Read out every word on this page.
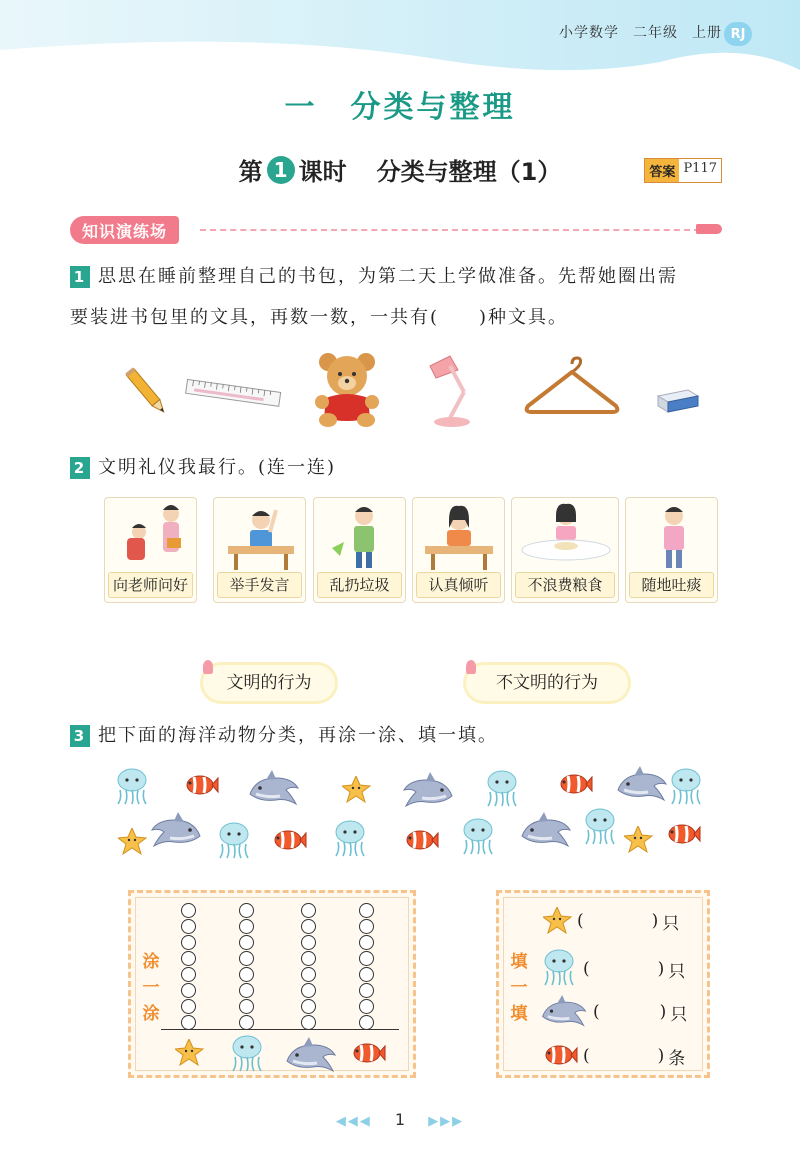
小学数学 二年级 上册 RJ
一　分类与整理
第 1 课时 分类与整理（1）	答案 P117
知识演练场
1 思思在睡前整理自己的书包，为第二天上学做准备。先帮她圈出需
要装进书包里的文具，再数一数，一共有(　　)种文具。
2 文明礼仪我最行。(连一连)
向老师问好	举手发言	乱扔垃圾	认真倾听	不浪费粮食	随地吐痰
文明的行为	不文明的行为
3 把下面的海洋动物分类，再涂一涂、填一填。
涂
一
涂
填
一
填
(	) 只
(	) 只
(	) 只
(	) 条
◀◀◀ 1 ▶▶▶
